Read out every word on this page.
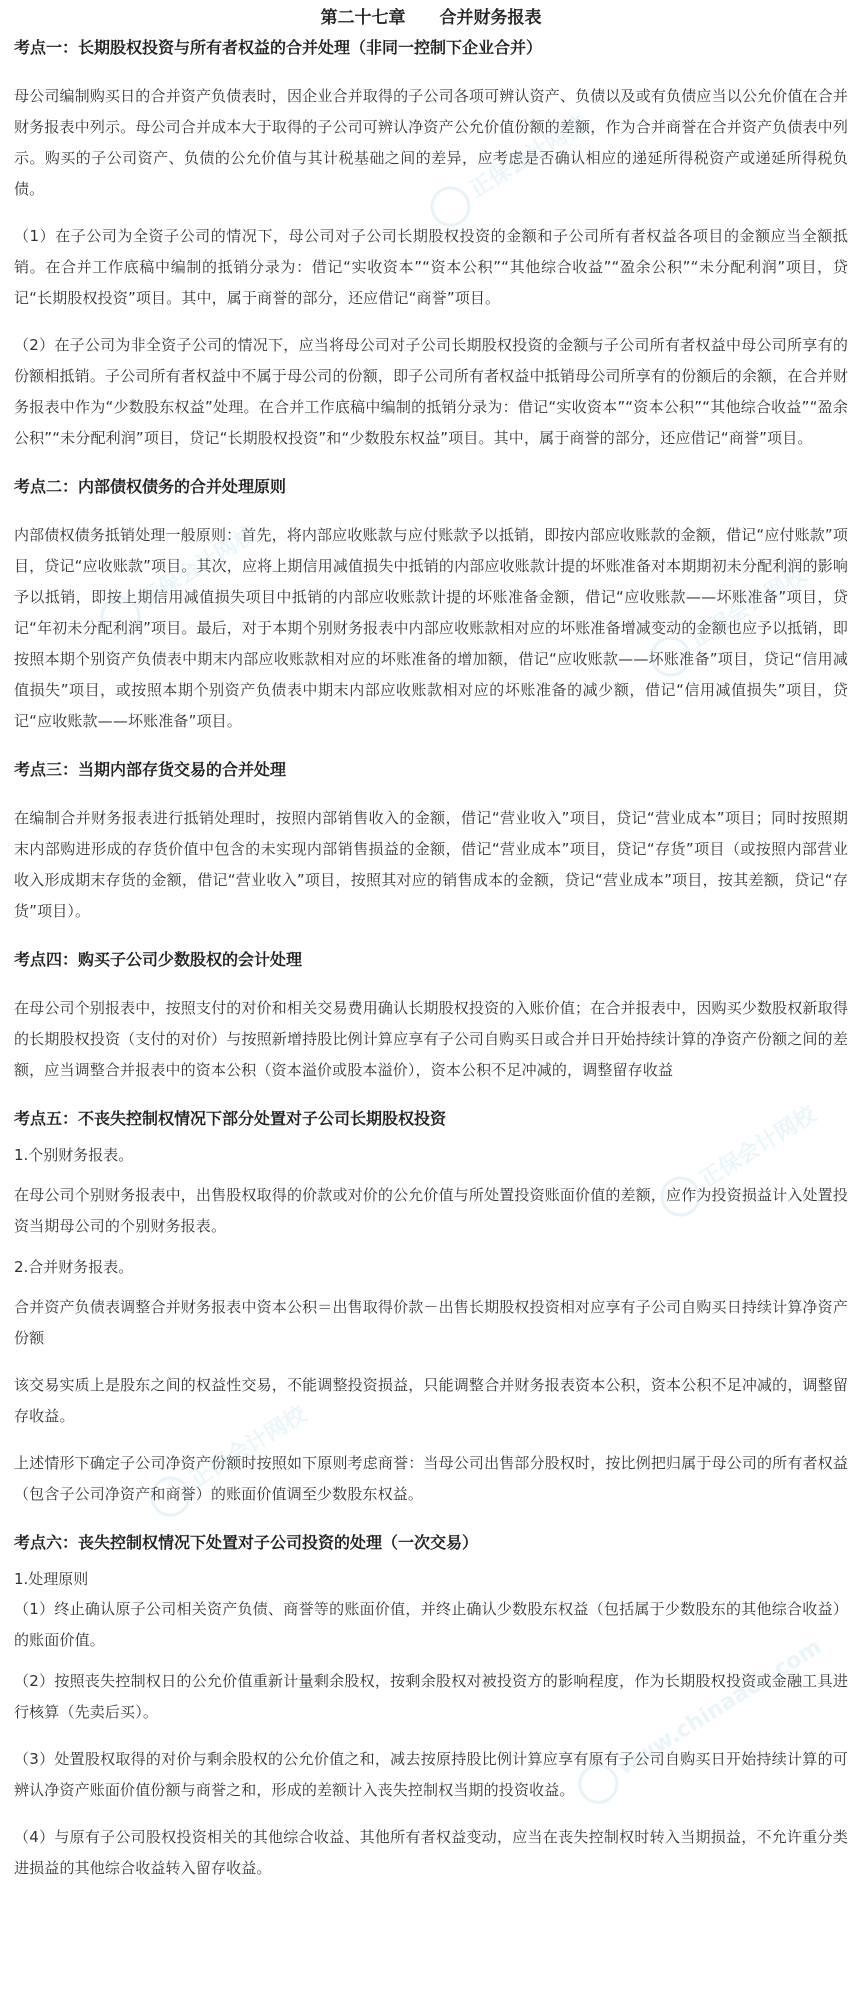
正保会计网校
正保会计网校	正保会计网校
正保会计网校
正保会计网校
www.chinaacc.com
第二十七章　　合并财务报表
考点一：长期股权投资与所有者权益的合并处理（非同一控制下企业合并）

母公司编制购买日的合并资产负债表时，因企业合并取得的子公司各项可辨认资产、负债以及或有负债应当以公允价值在合并财务报表中列示。母公司合并成本大于取得的子公司可辨认净资产公允价值份额的差额，作为合并商誉在合并资产负债表中列示。购买的子公司资产、负债的公允价值与其计税基础之间的差异，应考虑是否确认相应的递延所得税资产或递延所得税负债。

（1）在子公司为全资子公司的情况下，母公司对子公司长期股权投资的金额和子公司所有者权益各项目的金额应当全额抵销。在合并工作底稿中编制的抵销分录为：借记“实收资本”“资本公积”“其他综合收益”“盈余公积”“未分配利润”项目，贷记“长期股权投资”项目。其中，属于商誉的部分，还应借记“商誉”项目。

（2）在子公司为非全资子公司的情况下，应当将母公司对子公司长期股权投资的金额与子公司所有者权益中母公司所享有的份额相抵销。子公司所有者权益中不属于母公司的份额，即子公司所有者权益中抵销母公司所享有的份额后的余额，在合并财务报表中作为“少数股东权益”处理。在合并工作底稿中编制的抵销分录为：借记“实收资本”“资本公积”“其他综合收益”“盈余公积”“未分配利润”项目，贷记“长期股权投资”和“少数股东权益”项目。其中，属于商誉的部分，还应借记“商誉”项目。

考点二：内部债权债务的合并处理原则

内部债权债务抵销处理一般原则：首先，将内部应收账款与应付账款予以抵销，即按内部应收账款的金额，借记“应付账款”项目，贷记“应收账款”项目。其次，应将上期信用减值损失中抵销的内部应收账款计提的坏账准备对本期期初未分配利润的影响予以抵销，即按上期信用减值损失项目中抵销的内部应收账款计提的坏账准备金额，借记“应收账款——坏账准备”项目，贷记“年初未分配利润”项目。最后，对于本期个别财务报表中内部应收账款相对应的坏账准备增减变动的金额也应予以抵销，即按照本期个别资产负债表中期末内部应收账款相对应的坏账准备的增加额，借记“应收账款——坏账准备”项目，贷记“信用减值损失”项目，或按照本期个别资产负债表中期末内部应收账款相对应的坏账准备的减少额，借记“信用减值损失”项目，贷记“应收账款——坏账准备”项目。

考点三：当期内部存货交易的合并处理

在编制合并财务报表进行抵销处理时，按照内部销售收入的金额，借记“营业收入”项目，贷记“营业成本”项目；同时按照期末内部购进形成的存货价值中包含的未实现内部销售损益的金额，借记“营业成本”项目，贷记“存货”项目（或按照内部营业收入形成期末存货的金额，借记“营业收入”项目，按照其对应的销售成本的金额，贷记“营业成本”项目，按其差额，贷记“存货”项目）。

考点四：购买子公司少数股权的会计处理

在母公司个别报表中，按照支付的对价和相关交易费用确认长期股权投资的入账价值；在合并报表中，因购买少数股权新取得的长期股权投资（支付的对价）与按照新增持股比例计算应享有子公司自购买日或合并日开始持续计算的净资产份额之间的差额，应当调整合并报表中的资本公积（资本溢价或股本溢价），资本公积不足冲减的，调整留存收益

考点五：不丧失控制权情况下部分处置对子公司长期股权投资
1.个别财务报表。

在母公司个别财务报表中，出售股权取得的价款或对价的公允价值与所处置投资账面价值的差额，应作为投资损益计入处置投资当期母公司的个别财务报表。

2.合并财务报表。

合并资产负债表调整合并财务报表中资本公积＝出售取得价款－出售长期股权投资相对应享有子公司自购买日持续计算净资产份额

该交易实质上是股东之间的权益性交易，不能调整投资损益，只能调整合并财务报表资本公积，资本公积不足冲减的，调整留存收益。

上述情形下确定子公司净资产份额时按照如下原则考虑商誉：当母公司出售部分股权时，按比例把归属于母公司的所有者权益（包含子公司净资产和商誉）的账面价值调至少数股东权益。

考点六：丧失控制权情况下处置对子公司投资的处理（一次交易）
1.处理原则

（1）终止确认原子公司相关资产负债、商誉等的账面价值，并终止确认少数股东权益（包括属于少数股东的其他综合收益）的账面价值。

（2）按照丧失控制权日的公允价值重新计量剩余股权，按剩余股权对被投资方的影响程度，作为长期股权投资或金融工具进行核算（先卖后买）。

（3）处置股权取得的对价与剩余股权的公允价值之和，减去按原持股比例计算应享有原有子公司自购买日开始持续计算的可辨认净资产账面价值份额与商誉之和，形成的差额计入丧失控制权当期的投资收益。

（4）与原有子公司股权投资相关的其他综合收益、其他所有者权益变动，应当在丧失控制权时转入当期损益，不允许重分类进损益的其他综合收益转入留存收益。
